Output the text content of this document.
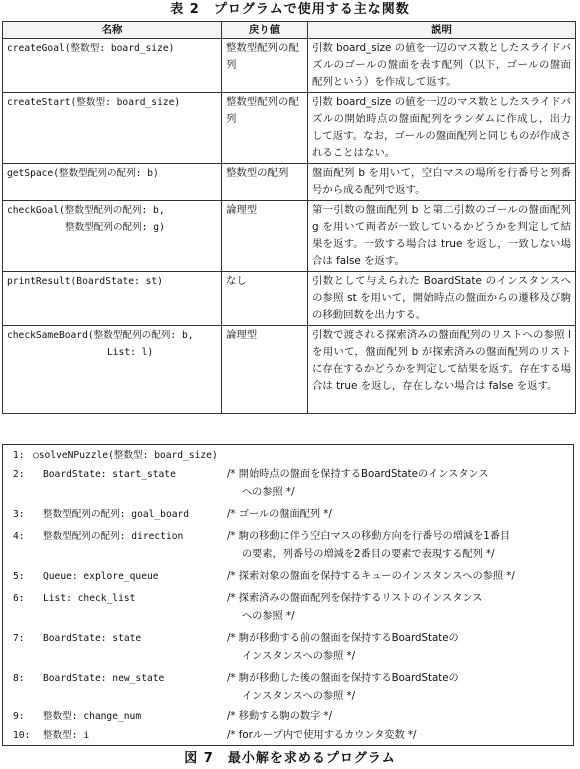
表 2　プログラムで使用する主な関数
名称	戻り値	説明

createGoal(整数型: board_size)	整数型配列の配列	引数 board_size の値を一辺のマス数としたスライドパズルのゴールの盤面を表す配列（以下，ゴールの盤面配列という）を作成して返す。

createStart(整数型: board_size)	整数型配列の配列	引数 board_size の値を一辺のマス数としたスライドパズルの開始時点の盤面配列をランダムに作成し，出力して返す。なお，ゴールの盤面配列と同じものが作成されることはない。

getSpace(整数型配列の配列: b)	整数型の配列	盤面配列 b を用いて，空白マスの場所を行番号と列番号から成る配列で返す。

checkGoal(整数型配列の配列: b,
整数型配列の配列: g)	論理型	第一引数の盤面配列 b と第二引数のゴールの盤面配列 g を用いて両者が一致しているかどうかを判定して結果を返す。一致する場合は true を返し，一致しない場合は false を返す。

printResult(BoardState: st)	なし	引数として与えられた BoardState のインスタンスへの参照 st を用いて，開始時点の盤面からの遷移及び駒の移動回数を出力する。

checkSameBoard(整数型配列の配列: b,
List: l)	論理型	引数で渡される探索済みの盤面配列のリストへの参照 l を用いて，盤面配列 b が探索済みの盤面配列のリストに存在するかどうかを判定して結果を返す。存在する場合は true を返し，存在しない場合は false を返す。
1: ○solveNPuzzle(整数型: board_size)
2: BoardState: start_state	/* 開始時点の盤面を保持するBoardStateのインスタンス
への参照 */
3: 整数型配列の配列: goal_board	/* ゴールの盤面配列 */
4: 整数型配列の配列: direction	/* 駒の移動に伴う空白マスの移動方向を行番号の増減を1番目
の要素，列番号の増減を2番目の要素で表現する配列 */
5: Queue: explore_queue	/* 探索対象の盤面を保持するキューのインスタンスへの参照 */
6: List: check_list	/* 探索済みの盤面配列を保持するリストのインスタンス
への参照 */
7: BoardState: state	/* 駒が移動する前の盤面を保持するBoardStateの
インスタンスへの参照 */
8: BoardState: new_state	/* 駒が移動した後の盤面を保持するBoardStateの
インスタンスへの参照 */
9: 整数型: change_num	/* 移動する駒の数字 */
10: 整数型: i	/* forループ内で使用するカウンタ変数 */
図 7　最小解を求めるプログラム
